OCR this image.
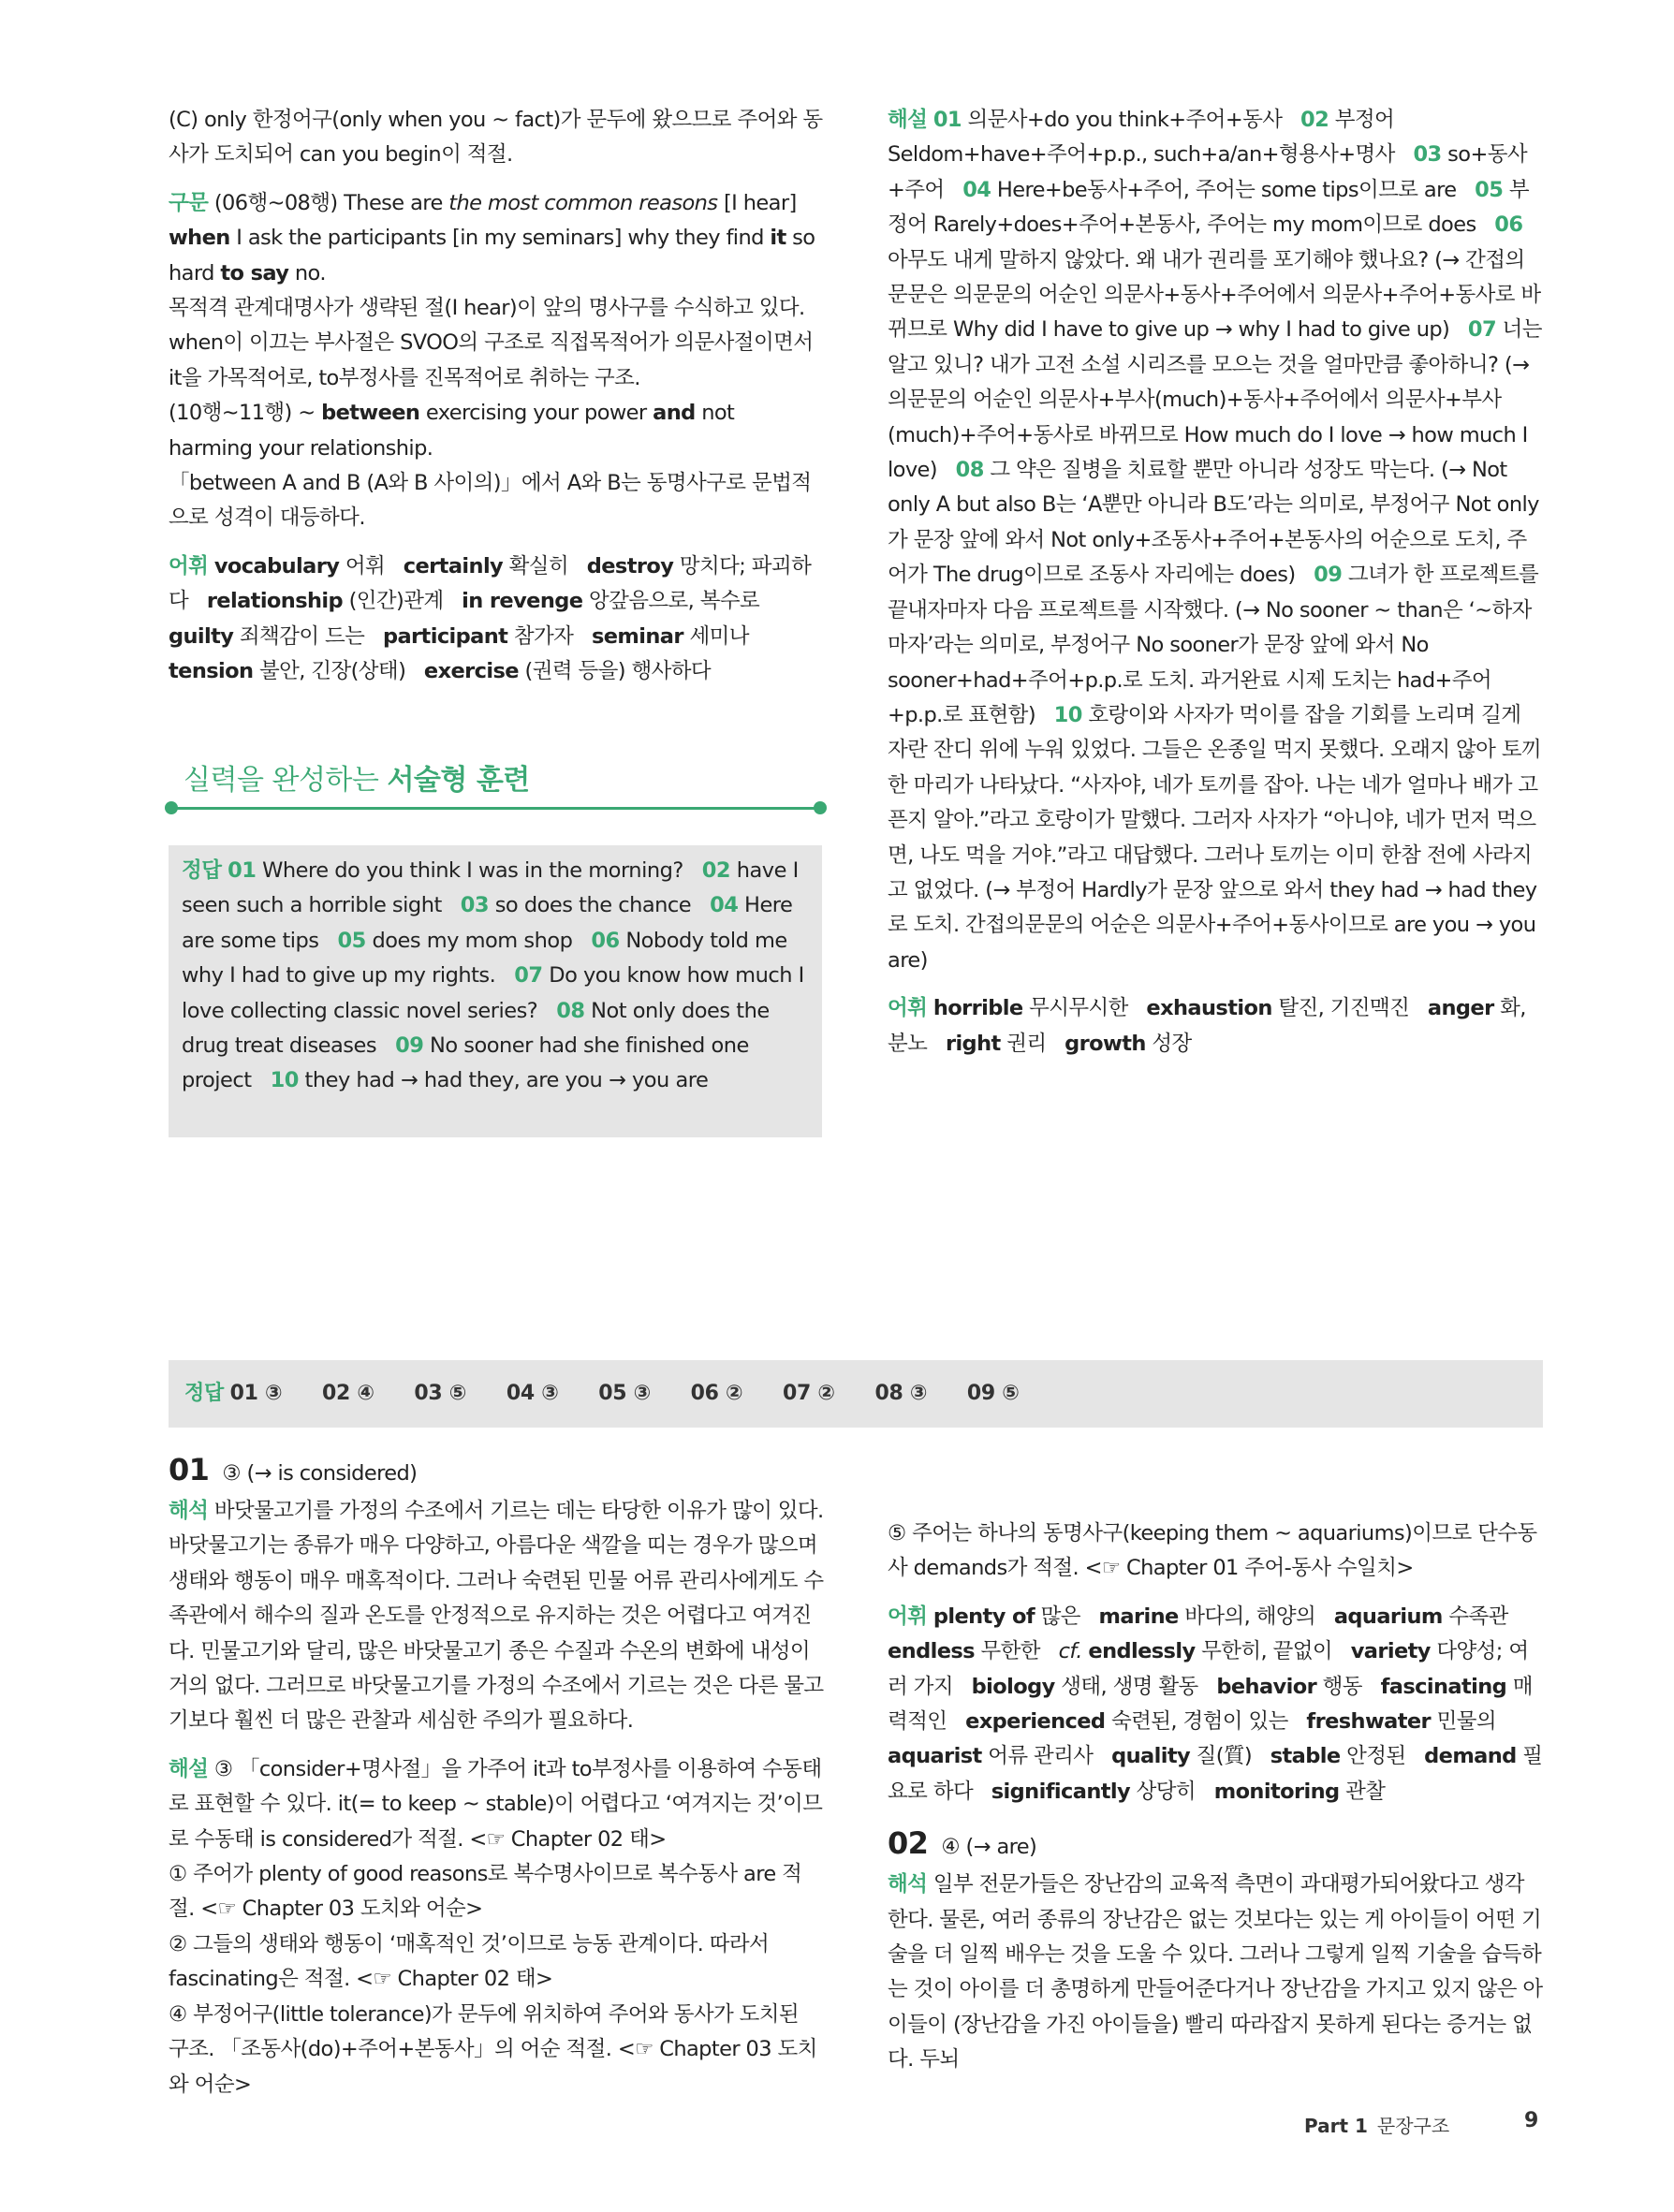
(C) only 한정어구(only when you ~ fact)가 문두에 왔으므로 주어와 동사가 도치되어 can you begin이 적절.

구문 (06행~08행) These are the most common reasons [I hear] when I ask the participants [in my seminars] why they find it so hard to say no.

목적격 관계대명사가 생략된 절(I hear)이 앞의 명사구를 수식하고 있다. when이 이끄는 부사절은 SVOO의 구조로 직접목적어가 의문사절이면서 it을 가목적어로, to부정사를 진목적어로 취하는 구조.

(10행~11행) ~ between exercising your power and not harming your relationship.

「between A and B (A와 B 사이의)」에서 A와 B는 동명사구로 문법적으로 성격이 대등하다.

어휘 vocabulary 어휘 certainly 확실히 destroy 망치다; 파괴하다 relationship (인간)관계 in revenge 앙갚음으로, 복수로   guilty 죄책감이 드는 participant 참가자 seminar 세미나   tension 불안, 긴장(상태) exercise (권력 등을) 행사하다

실력을 완성하는 서술형 훈련
정답 01 Where do you think I was in the morning? 02 have I seen such a horrible sight 03 so does the chance 04 Here are some tips 05 does my mom shop 06 Nobody told me why I had to give up my rights. 07 Do you know how much I love collecting classic novel series? 08 Not only does the drug treat diseases 09 No sooner had she finished one project 10 they had → had they, are you → you are

해설 01 의문사+do you think+주어+동사 02 부정어 Seldom+have+주어+p.p., such+a/an+형용사+명사 03 so+동사+주어 04 Here+be동사+주어, 주어는 some tips이므로 are 05 부정어 Rarely+does+주어+본동사, 주어는 my mom이므로 does 06 아무도 내게 말하지 않았다. 왜 내가 권리를 포기해야 했나요? (→ 간접의문문은 의문문의 어순인 의문사+동사+주어에서 의문사+주어+동사로 바뀌므로 Why did I have to give up → why I had to give up) 07 너는 알고 있니? 내가 고전 소설 시리즈를 모으는 것을 얼마만큼 좋아하니? (→ 의문문의 어순인 의문사+부사(much)+동사+주어에서 의문사+부사(much)+주어+동사로 바뀌므로 How much do I love → how much I love) 08 그 약은 질병을 치료할 뿐만 아니라 성장도 막는다. (→ Not only A but also B는 ‘A뿐만 아니라 B도’라는 의미로, 부정어구 Not only가 문장 앞에 와서 Not only+조동사+주어+본동사의 어순으로 도치, 주어가 The drug이므로 조동사 자리에는 does) 09 그녀가 한 프로젝트를 끝내자마자 다음 프로젝트를 시작했다. (→ No sooner ~ than은 ‘~하자마자’라는 의미로, 부정어구 No sooner가 문장 앞에 와서 No sooner+had+주어+p.p.로 도치. 과거완료 시제 도치는 had+주어+p.p.로 표현함) 10 호랑이와 사자가 먹이를 잡을 기회를 노리며 길게 자란 잔디 위에 누워 있었다. 그들은 온종일 먹지 못했다. 오래지 않아 토끼 한 마리가 나타났다. “사자야, 네가 토끼를 잡아. 나는 네가 얼마나 배가 고픈지 알아.”라고 호랑이가 말했다. 그러자 사자가 “아니야, 네가 먼저 먹으면, 나도 먹을 거야.”라고 대답했다. 그러나 토끼는 이미 한참 전에 사라지고 없었다. (→ 부정어 Hardly가 문장 앞으로 와서 they had → had they로 도치. 간접의문문의 어순은 의문사+주어+동사이므로 are you → you are)

어휘 horrible 무시무시한 exhaustion 탈진, 기진맥진 anger 화, 분노 right 권리 growth 성장

정답 01 ③ 02 ④ 03 ⑤ 04 ③ 05 ③ 06 ② 07 ② 08 ③ 09 ⑤

01 ③ (→ is considered)

해석 바닷물고기를 가정의 수조에서 기르는 데는 타당한 이유가 많이 있다. 바닷물고기는 종류가 매우 다양하고, 아름다운 색깔을 띠는 경우가 많으며 생태와 행동이 매우 매혹적이다. 그러나 숙련된 민물 어류 관리사에게도 수족관에서 해수의 질과 온도를 안정적으로 유지하는 것은 어렵다고 여겨진다. 민물고기와 달리, 많은 바닷물고기 종은 수질과 수온의 변화에 내성이 거의 없다. 그러므로 바닷물고기를 가정의 수조에서 기르는 것은 다른 물고기보다 훨씬 더 많은 관찰과 세심한 주의가 필요하다.

해설 ③ 「consider+명사절」을 가주어 it과 to부정사를 이용하여 수동태로 표현할 수 있다. it(= to keep ~ stable)이 어렵다고 ‘여겨지는 것’이므로 수동태 is considered가 적절. <☞ Chapter 02 태>

① 주어가 plenty of good reasons로 복수명사이므로 복수동사 are 적절. <☞ Chapter 03 도치와 어순>

② 그들의 생태와 행동이 ‘매혹적인 것’이므로 능동 관계이다. 따라서 fascinating은 적절. <☞ Chapter 02 태>

④ 부정어구(little tolerance)가 문두에 위치하여 주어와 동사가 도치된 구조. 「조동사(do)+주어+본동사」의 어순 적절. <☞ Chapter 03 도치와 어순>

⑤ 주어는 하나의 동명사구(keeping them ~ aquariums)이므로 단수동사 demands가 적절. <☞ Chapter 01 주어-동사 수일치>

어휘 plenty of 많은 marine 바다의, 해양의 aquarium 수족관   endless 무한한 cf. endlessly 무한히, 끝없이 variety 다양성; 여러 가지 biology 생태, 생명 활동 behavior 행동 fascinating 매력적인 experienced 숙련된, 경험이 있는 freshwater 민물의   aquarist 어류 관리사 quality 질(質) stable 안정된 demand 필요로 하다 significantly 상당히 monitoring 관찰

02 ④ (→ are)

해석 일부 전문가들은 장난감의 교육적 측면이 과대평가되어왔다고 생각한다. 물론, 여러 종류의 장난감은 없는 것보다는 있는 게 아이들이 어떤 기술을 더 일찍 배우는 것을 도울 수 있다. 그러나 그렇게 일찍 기술을 습득하는 것이 아이를 더 총명하게 만들어준다거나 장난감을 가지고 있지 않은 아이들이 (장난감을 가진 아이들을) 빨리 따라잡지 못하게 된다는 증거는 없다. 두뇌

Part 1 문장구조	9
